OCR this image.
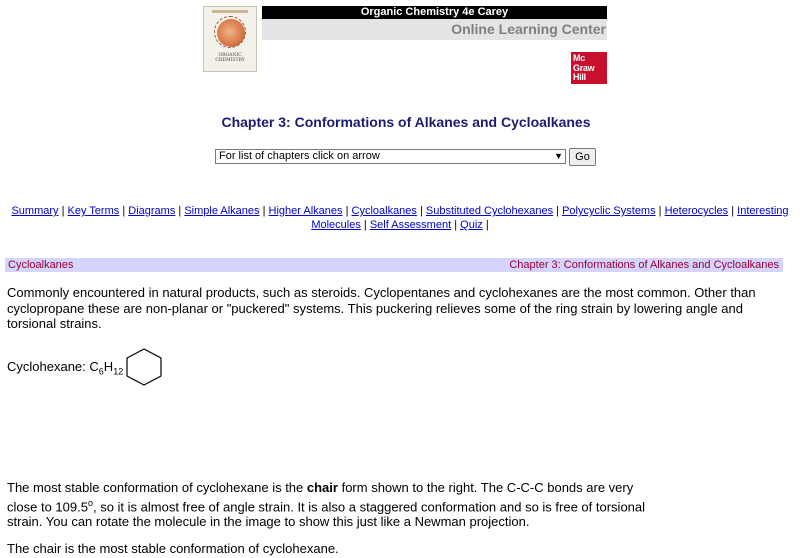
ORGANIC
CHEMISTRY
Organic Chemistry 4e Carey
Online Learning Center
Mc
Graw
Hill
Chapter 3: Conformations of Alkanes and Cycloalkanes
For list of chapters click on arrow	▼	Go
Summary | Key Terms | Diagrams | Simple Alkanes | Higher Alkanes | Cycloalkanes | Substituted Cyclohexanes | Polycyclic Systems | Heterocycles | Interesting Molecules | Self Assessment | Quiz |
Cycloalkanes	Chapter 3: Conformations of Alkanes and Cycloalkanes

Commonly encountered in natural products, such as steroids. Cyclopentanes and cyclohexanes are the most common. Other than cyclopropane these are non-planar or "puckered" systems. This puckering relieves some of the ring strain by lowering angle and torsional strains.

Cyclohexane: $C_6H_{12}$

The most stable conformation of cyclohexane is the chair form shown to the right. The C-C-C bonds are very close to 109.5$^o$, so it is almost free of angle strain. It is also a staggered conformation and so is free of torsional strain. You can rotate the molecule in the image to show this just like a Newman projection.

The chair is the most stable conformation of cyclohexane.
